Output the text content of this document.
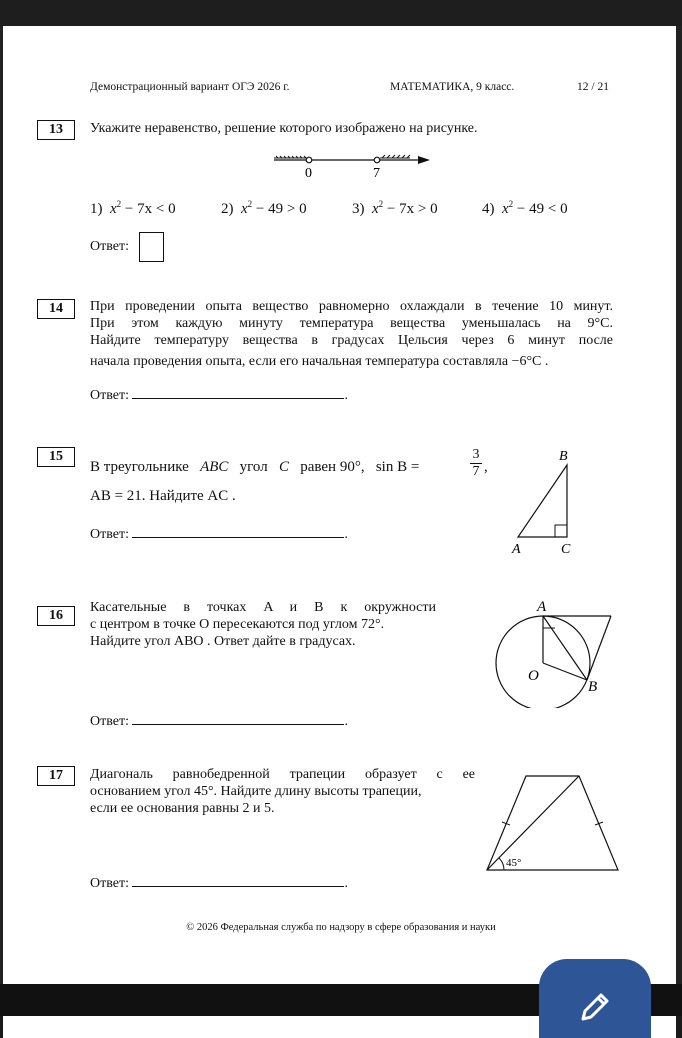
Демонстрационный вариант ОГЭ 2026 г.	МАТЕМАТИКА, 9 класс.	12 / 21
13	Укажите неравенство, решение которого изображено на рисунке.
0	7
1) $x^2 - 7x < 0$	2) $x^2 - 49 > 0$	3) $x^2 - 7x > 0$	4) $x^2 - 49 < 0$
Ответ:
14	При проведении опыта вещество равномерно охлаждали в течение 10 минут.
При этом каждую минуту температура вещества уменьшалась на 9°C.
Найдите температуру вещества в градусах Цельсия через 6 минут после
начала проведения опыта, если его начальная температура составляла −6°C .
Ответ:	.
15
В треугольнике ABC угол C равен 90°, sin B =
3
7 ,
AB = 21. Найдите AC .
Ответ:	.
B
A	C
16
Касательные в точках A и B к окружности
с центром в точке O пересекаются под углом 72°.
Найдите угол ABO . Ответ дайте в градусах.
Ответ:	.
A
B
O
17	Диагональ равнобедренной трапеции образует с ее
основанием угол 45°. Найдите длину высоты трапеции,
если ее основания равны 2 и 5.
Ответ:	.
45°
© 2026 Федеральная служба по надзору в сфере образования и науки
